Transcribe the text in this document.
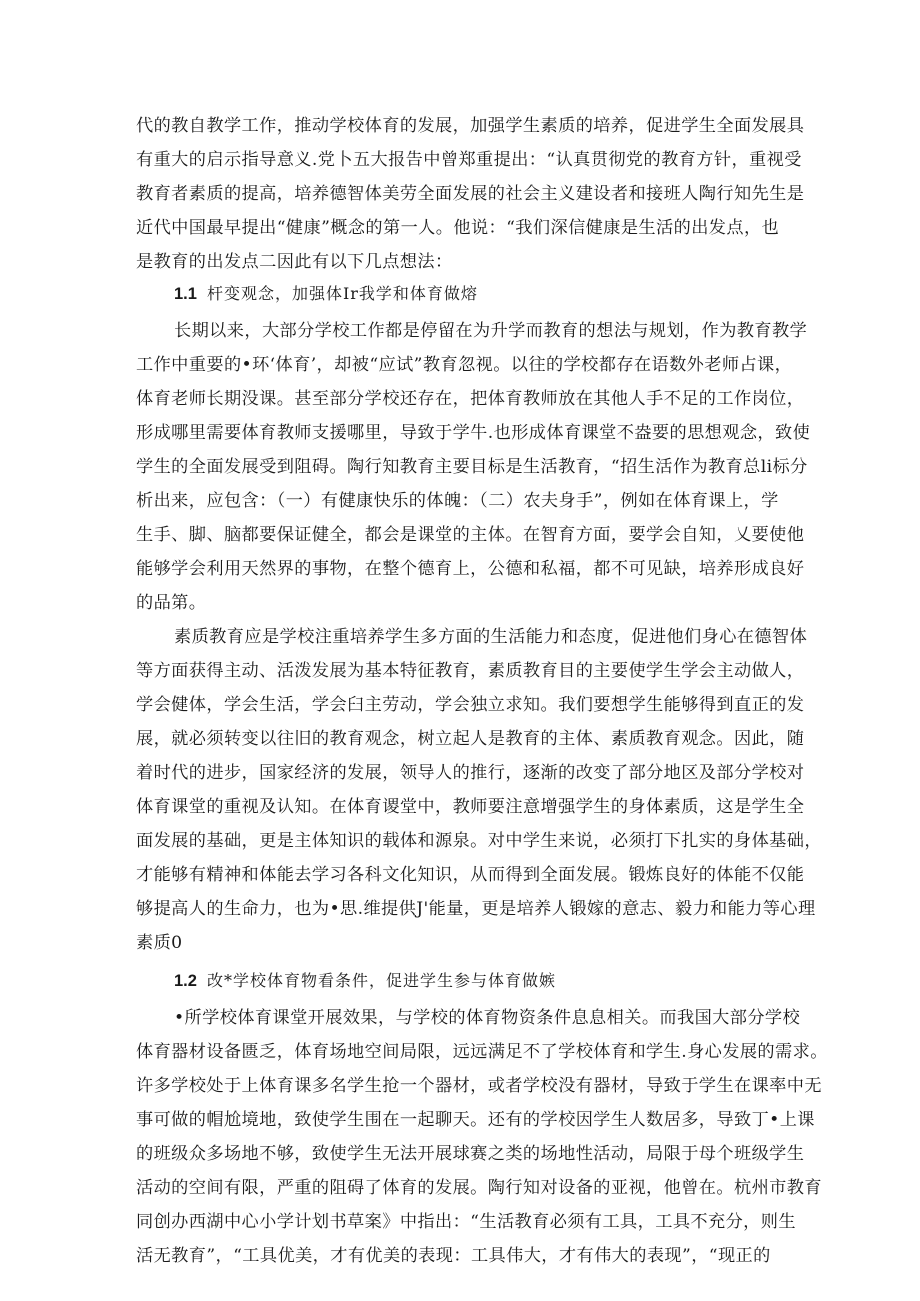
代的教自教学工作，推动学校体育的发展，加强学生素质的培养，促进学生全面发展具
有重大的启示指导意义.党卜五大报告中曾郑重提出：“认真贯彻党的教育方针，重视受
教育者素质的提高，培养德智体美劳全面发展的社会主义建设者和接班人陶行知先生是
近代中国最早提出“健康”概念的第一人。他说：“我们深信健康是生活的出发点，也
是教育的出发点二因此有以下几点想法：
1.1 杆变观念，加强体Ir我学和体育做熔
长期以来，大部分学校工作都是停留在为升学而教育的想法与规划，作为教育教学
工作中重要的•环‘体育’，却被“应试”教育忽视。以往的学校都存在语数外老师占课，
体育老师长期没课。甚至部分学校还存在，把体育教师放在其他人手不足的工作岗位，
形成哪里需要体育教师支援哪里，导致于学牛.也形成体育课堂不盎要的思想观念，致使
学生的全面发展受到阻碍。陶行知教育主要目标是生活教育，“招生活作为教育总li标分
析出来，应包含：（一）有健康快乐的体魄：（二）农夫身手”，例如在体育课上，学
生手、脚、脑都要保证健全，都会是课堂的主体。在智育方面，要学会自知，乂要使他
能够学会利用天然界的事物，在整个德育上，公德和私福，都不可见缺，培养形成良好
的品第。
素质教育应是学校注重培养学生多方面的生活能力和态度，促进他们身心在德智体
等方面获得主动、活泼发展为基本特征教育，素质教育目的主要使学生学会主动做人，
学会健体，学会生活，学会臼主劳动，学会独立求知。我们要想学生能够得到直正的发
展，就必须转变以往旧的教育观念，树立起人是教育的主体、素质教育观念。因此，随
着时代的进步，国家经济的发展，领导人的推行，逐渐的改变了部分地区及部分学校对
体育课堂的重视及认知。在体育谡堂中，教师要注意增强学生的身体素质，这是学生全
面发展的基础，更是主体知识的载体和源泉。对中学生来说，必须打下扎实的身体基础，
才能够有精神和体能去学习各科文化知识，从而得到全面发展。锻炼良好的体能不仅能
够提高人的生命力，也为•思.维提供J'能量，更是培养人锻嫁的意志、毅力和能力等心理
素质0
1.2 改*学校体育物看条件，促进学生参与体育做嫉
•所学校体育课堂开展效果，与学校的体育物资条件息息相关。而我国大部分学校
体育器材设备匮乏，体育场地空间局限，远远满足不了学校体育和学生.身心发展的需求。
许多学校处于上体育课多名学生抢一个器材，或者学校没有器材，导致于学生在课率中无
事可做的帽尬境地，致使学生围在一起聊天。还有的学校因学生人数居多，导致丁•上课
的班级众多场地不够，致使学生无法开展球赛之类的场地性活动，局限于母个班级学生
活动的空间有限，严重的阻碍了体育的发展。陶行知对设备的亚视，他曾在。杭州市教育
同创办西湖中心小学计划书草案》中指出：“生活教育必须有工具，工具不充分，则生
活无教育”，“工具优美，才有优美的表现：工具伟大，才有伟大的表现”，“现正的
